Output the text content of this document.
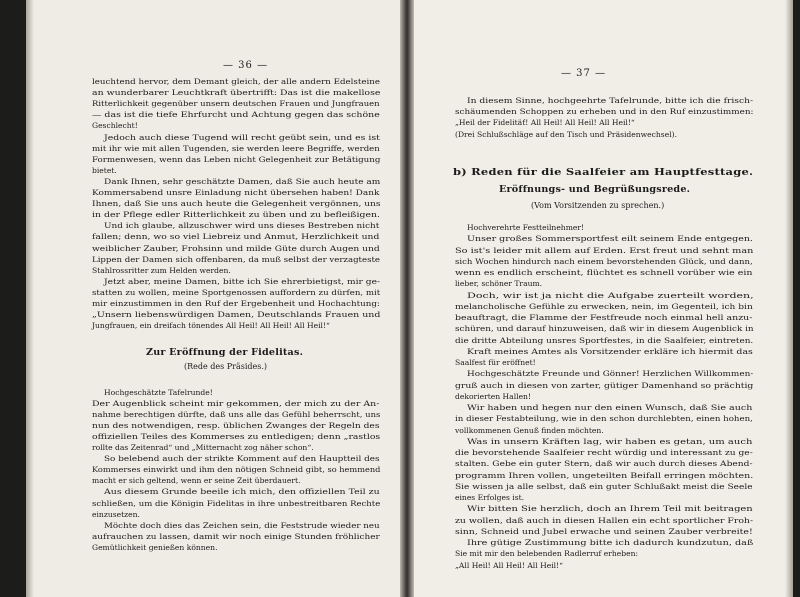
— 36 —
leuchtend hervor, dem Demant gleich, der alle andern Edelsteine
an wunderbarer Leuchtkraft übertrifft: Das ist die makellose
Ritterlichkeit gegenüber unsern deutschen Frauen und Jungfrauen
— das ist die tiefe Ehrfurcht und Achtung gegen das schöne
Geschlecht!
Jedoch auch diese Tugend will recht geübt sein, und es ist
mit ihr wie mit allen Tugenden, sie werden leere Begriffe, werden
Formenwesen, wenn das Leben nicht Gelegenheit zur Betätigung
bietet.
Dank Ihnen, sehr geschätzte Damen, daß Sie auch heute am
Kommersabend unsre Einladung nicht übersehen haben! Dank
Ihnen, daß Sie uns auch heute die Gelegenheit vergönnen, uns
in der Pflege edler Ritterlichkeit zu üben und zu befleißigen.
Und ich glaube, allzuschwer wird uns dieses Bestreben nicht
fallen; denn, wo so viel Liebreiz und Anmut, Herzlichkeit und
weiblicher Zauber, Frohsinn und milde Güte durch Augen und
Lippen der Damen sich offenbaren, da muß selbst der verzagteste
Stahlrossritter zum Helden werden.
Jetzt aber, meine Damen, bitte ich Sie ehrerbietigst, mir ge-
statten zu wollen, meine Sportgenossen auffordern zu dürfen, mit
mir einzustimmen in den Ruf der Ergebenheit und Hochachtung:
„Unsern liebenswürdigen Damen, Deutschlands Frauen und
Jungfrauen, ein dreifach tönendes All Heil! All Heil! All Heil!“
Zur Eröffnung der Fidelitas.
(Rede des Präsides.)
Hochgeschätzte Tafelrunde!
Der Augenblick scheint mir gekommen, der mich zu der An-
nahme berechtigen dürfte, daß uns alle das Gefühl beherrscht, uns
nun des notwendigen, resp. üblichen Zwanges der Regeln des
offiziellen Teiles des Kommerses zu entledigen; denn „rastlos
rollte das Zeitenrad“ und „Mitternacht zog näher schon“.
So belebend auch der strikte Komment auf den Hauptteil des
Kommerses einwirkt und ihm den nötigen Schneid gibt, so hemmend
macht er sich geltend, wenn er seine Zeit überdauert.
Aus diesem Grunde beeile ich mich, den offiziellen Teil zu
schließen, um die Königin Fidelitas in ihre unbestreitbaren Rechte
einzusetzen.
Möchte doch dies das Zeichen sein, die Feststrude wieder neu
aufrauchen zu lassen, damit wir noch einige Stunden fröhlicher
Gemütlichkeit genießen können.
— 37 —
In diesem Sinne, hochgeehrte Tafelrunde, bitte ich die frisch-
schäumenden Schoppen zu erheben und in den Ruf einzustimmen:
„Heil der Fidelitäť! All Heil! All Heil! All Heil!“
(Drei Schlußschläge auf den Tisch und Präsidenwechsel).
b) Reden für die Saalfeier am Hauptfesttage.
Eröffnungs- und Begrüßungsrede.
(Vom Vorsitzenden zu sprechen.)
Hochverehrte Festteilnehmer!
Unser großes Sommersportfest eilt seinem Ende entgegen.
So ist's leider mit allem auf Erden. Erst freut und sehnt man
sich Wochen hindurch nach einem bevorstehenden Glück, und dann,
wenn es endlich erscheint, flüchtet es schnell vorüber wie ein
lieber, schöner Traum.
Doch, wir ist ja nicht die Aufgabe zuerteilt worden,
melancholische Gefühle zu erwecken, nein, im Gegenteil, ich bin
beauftragt, die Flamme der Festfreude noch einmal hell anzu-
schüren, und darauf hinzuweisen, daß wir in diesem Augenblick in
die dritte Abteilung unsres Sportfestes, in die Saalfeier, eintreten.
Kraft meines Amtes als Vorsitzender erkläre ich hiermit das
Saalfest für eröffnet!
Hochgeschätzte Freunde und Gönner! Herzlichen Willkommen-
gruß auch in diesen von zarter, gütiger Damenhand so prächtig
dekorierten Hallen!
Wir haben und hegen nur den einen Wunsch, daß Sie auch
in dieser Festabteilung, wie in den schon durchlebten, einen hohen,
vollkommenen Genuß finden möchten.
Was in unsern Kräften lag, wir haben es getan, um auch
die bevorstehende Saalfeier recht würdig und interessant zu ge-
stalten. Gebe ein guter Stern, daß wir auch durch dieses Abend-
programm Ihren vollen, ungeteilten Beifall erringen möchten.
Sie wissen ja alle selbst, daß ein guter Schlußakt meist die Seele
eines Erfolges ist.
Wir bitten Sie herzlich, doch an Ihrem Teil mit beitragen
zu wollen, daß auch in diesen Hallen ein echt sportlicher Froh-
sinn, Schneid und Jubel erwache und seinen Zauber verbreite!
Ihre gütige Zustimmung bitte ich dadurch kundzutun, daß
Sie mit mir den belebenden Radlerruf erheben:
„All Heil! All Heil! All Heil!“
